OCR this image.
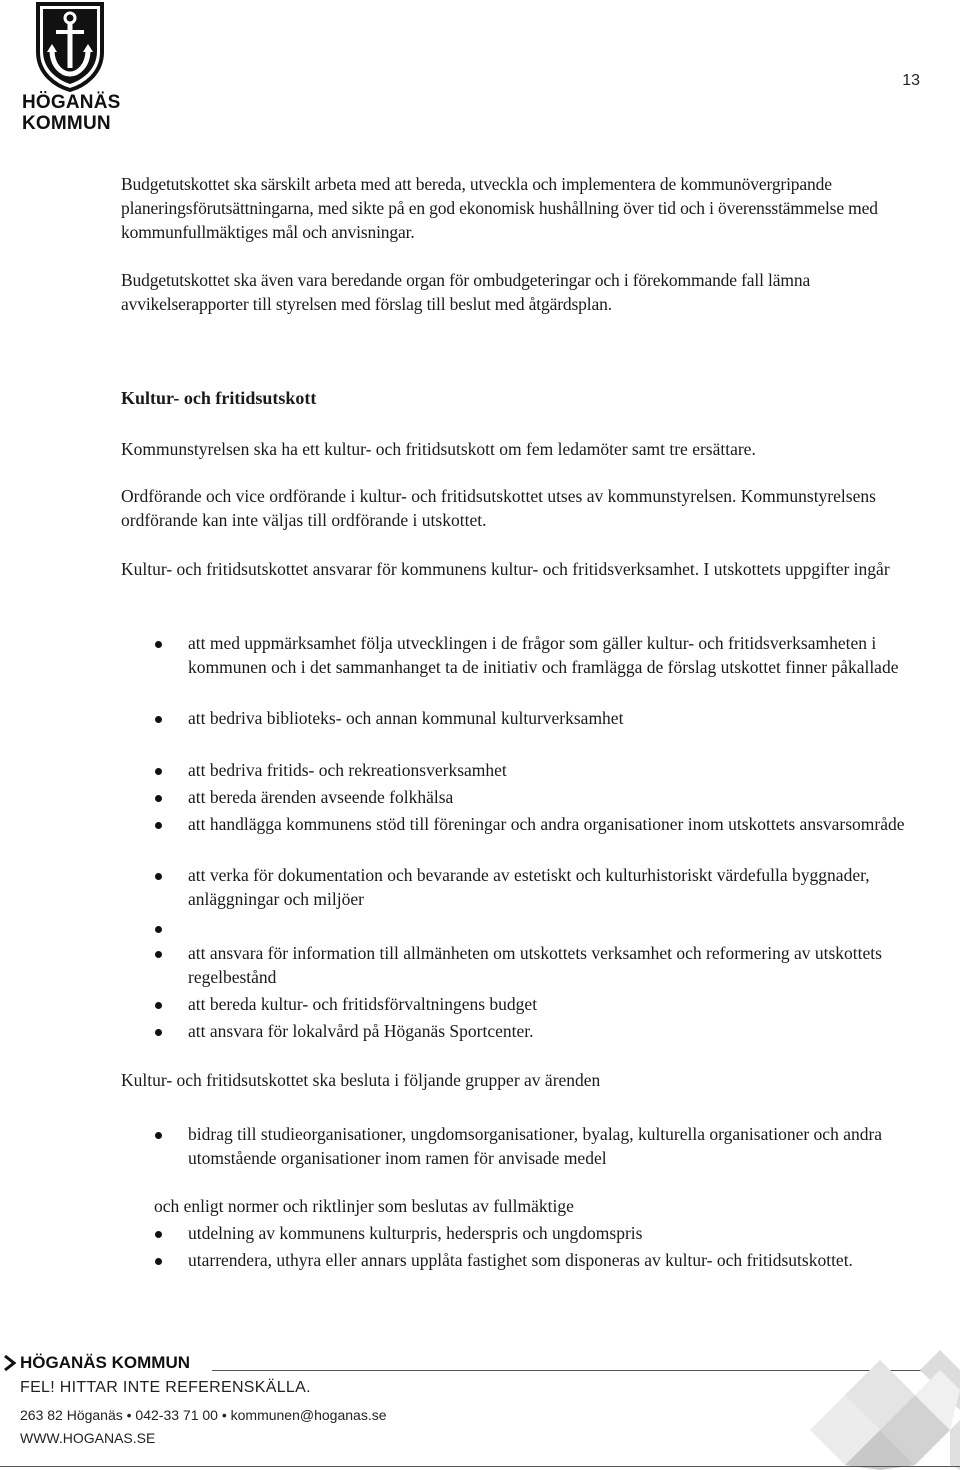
HÖGANÄS
KOMMUN
13

Budgetutskottet ska särskilt arbeta med att bereda, utveckla och implementera de kommunövergripande planeringsförutsättningarna, med sikte på en god ekonomisk hushållning över tid och i överensstämmelse med kommunfullmäktiges mål och anvisningar.

Budgetutskottet ska även vara beredande organ för ombudgeteringar och i förekommande fall lämna avvikelserapporter till styrelsen med förslag till beslut med åtgärdsplan.

Kultur- och fritidsutskott

Kommunstyrelsen ska ha ett kultur- och fritidsutskott om fem ledamöter samt tre ersättare.

Ordförande och vice ordförande i kultur- och fritidsutskottet utses av kommunstyrelsen. Kommunstyrelsens ordförande kan inte väljas till ordförande i utskottet.

Kultur- och fritidsutskottet ansvarar för kommunens kultur- och fritidsverksamhet. I utskottets uppgifter ingår

att med uppmärksamhet följa utvecklingen i de frågor som gäller kultur- och fritidsverksamheten i kommunen och i det sammanhanget ta de initiativ och framlägga de förslag utskottet finner påkallade
att bedriva biblioteks- och annan kommunal kulturverksamhet
att bedriva fritids- och rekreationsverksamhet
att bereda ärenden avseende folkhälsa
att handlägga kommunens stöd till föreningar och andra organisationer inom utskottets ansvarsområde
att verka för dokumentation och bevarande av estetiskt och kulturhistoriskt värdefulla byggnader, anläggningar och miljöer
att ansvara för information till allmänheten om utskottets verksamhet och reformering av utskottets regelbestånd
att bereda kultur- och fritidsförvaltningens budget
att ansvara för lokalvård på Höganäs Sportcenter.

Kultur- och fritidsutskottet ska besluta i följande grupper av ärenden

bidrag till studieorganisationer, ungdomsorganisationer, byalag, kulturella organisationer och andra utomstående organisationer inom ramen för anvisade medel

och enligt normer och riktlinjer som beslutas av fullmäktige

utdelning av kommunens kulturpris, hederspris och ungdomspris
utarrendera, uthyra eller annars upplåta fastighet som disponeras av kultur- och fritidsutskottet.
HÖGANÄS KOMMUN
FEL! HITTAR INTE REFERENSKÄLLA.
263 82 Höganäs • 042-33 71 00 • kommunen@hoganas.se
WWW.HOGANAS.SE
